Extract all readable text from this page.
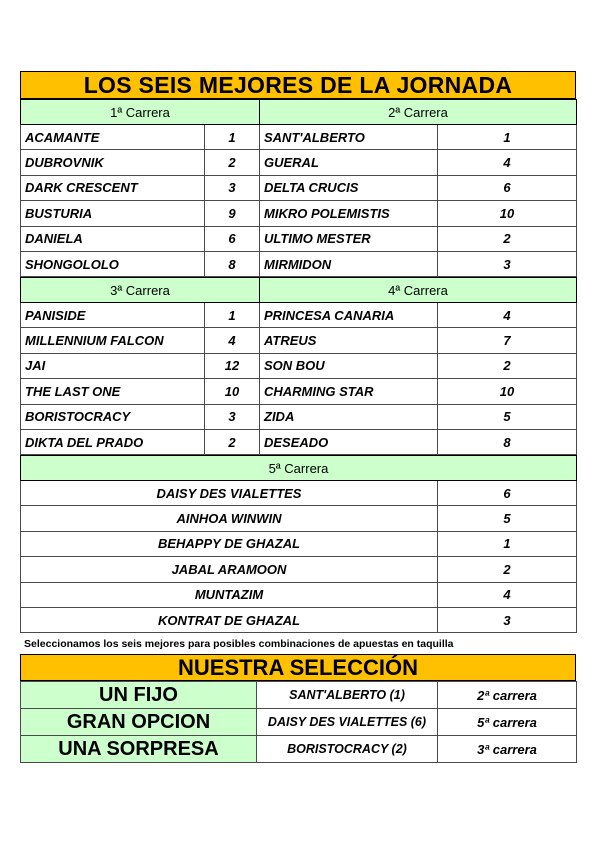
LOS SEIS MEJORES DE LA JORNADA
1ª Carrera		2ª Carrera	
ACAMANTE	1	SANT'ALBERTO	1
DUBROVNIK	2	GUERAL	4
DARK CRESCENT	3	DELTA CRUCIS	6
BUSTURIA	9	MIKRO POLEMISTIS	10
DANIELA	6	ULTIMO MESTER	2
SHONGOLOLO	8	MIRMIDON	3
3ª Carrera		4ª Carrera	
PANISIDE	1	PRINCESA CANARIA	4
MILLENNIUM FALCON	4	ATREUS	7
JAI	12	SON BOU	2
THE LAST ONE	10	CHARMING STAR	10
BORISTOCRACY	3	ZIDA	5
DIKTA DEL PRADO	2	DESEADO	8
5ª Carrera	
DAISY DES VIALETTES	6
AINHOA WINWIN	5
BEHAPPY DE GHAZAL	1
JABAL ARAMOON	2
MUNTAZIM	4
KONTRAT DE GHAZAL	3
Seleccionamos los seis mejores para posibles combinaciones de apuestas en taquilla
NUESTRA SELECCIÓN
UN FIJO	SANT'ALBERTO (1)	2ª carrera
GRAN OPCION	DAISY DES VIALETTES (6)	5ª carrera
UNA SORPRESA	BORISTOCRACY (2)	3ª carrera
